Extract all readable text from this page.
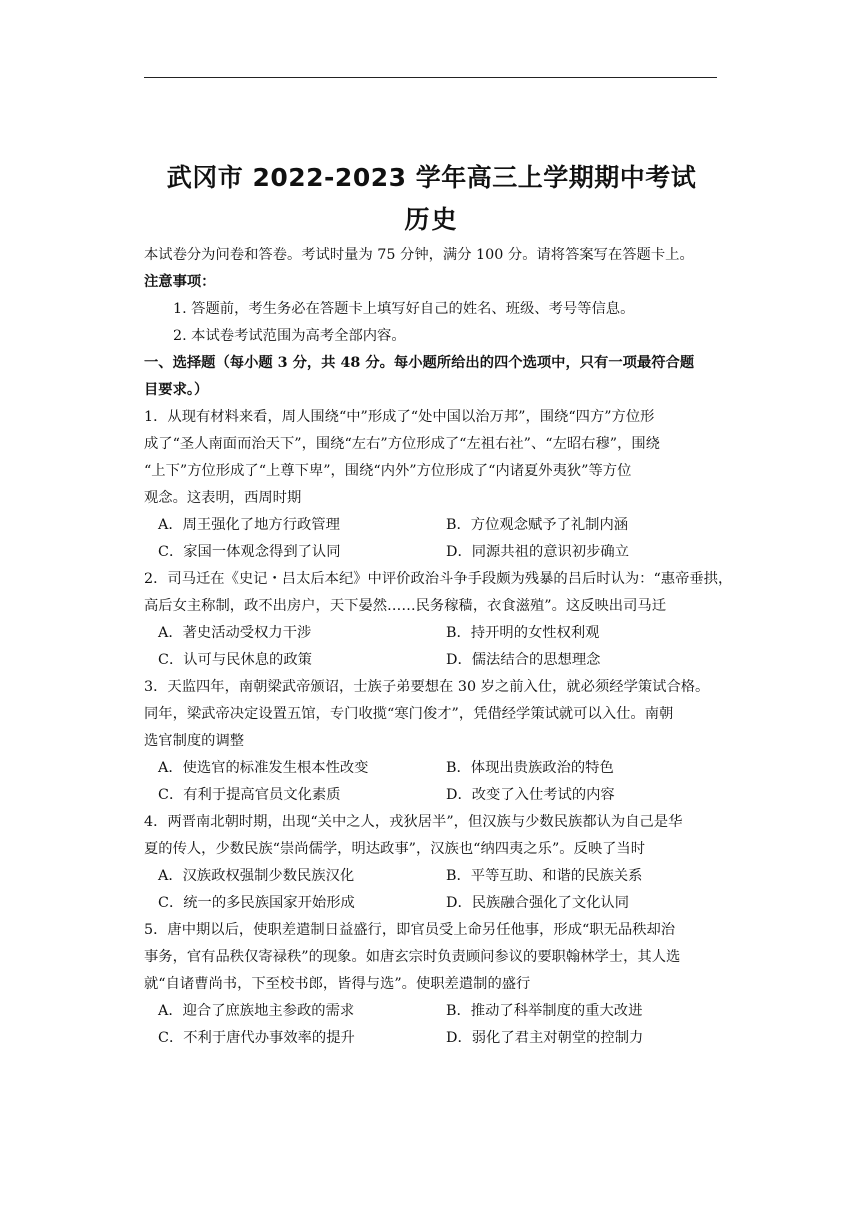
武冈市 2022-2023 学年高三上学期期中考试
历史
本试卷分为问卷和答卷。考试时量为 75 分钟，满分 100 分。请将答案写在答题卡上。
注意事项：
1. 答题前，考生务必在答题卡上填写好自己的姓名、班级、考号等信息。
2. 本试卷考试范围为高考全部内容。
一、选择题（每小题 3 分，共 48 分。每小题所给出的四个选项中，只有一项最符合题
目要求。）
1．从现有材料来看，周人围绕“中”形成了“处中国以治万邦”，围绕“四方”方位形
成了“圣人南面而治天下”，围绕“左右”方位形成了“左祖右社”、“左昭右穆”，围绕
“上下”方位形成了“上尊下卑”，围绕“内外”方位形成了“内诸夏外夷狄”等方位
观念。这表明，西周时期
A．周王强化了地方行政管理	B．方位观念赋予了礼制内涵
C．家国一体观念得到了认同	D．同源共祖的意识初步确立
2．司马迁在《史记・吕太后本纪》中评价政治斗争手段颇为残暴的吕后时认为：“惠帝垂拱，
高后女主称制，政不出房户，天下晏然……民务稼穑，衣食滋殖”。这反映出司马迁
A．著史活动受权力干涉	B．持开明的女性权利观
C．认可与民休息的政策	D．儒法结合的思想理念
3．天监四年，南朝梁武帝颁诏，士族子弟要想在 30 岁之前入仕，就必须经学策试合格。
同年，梁武帝决定设置五馆，专门收揽“寒门俊才”，凭借经学策试就可以入仕。南朝
选官制度的调整
A．使选官的标准发生根本性改变	B．体现出贵族政治的特色
C．有利于提高官员文化素质	D．改变了入仕考试的内容
4．两晋南北朝时期，出现“关中之人，戎狄居半”，但汉族与少数民族都认为自己是华
夏的传人，少数民族“崇尚儒学，明达政事”，汉族也“纳四夷之乐”。反映了当时
A．汉族政权强制少数民族汉化	B．平等互助、和谐的民族关系
C．统一的多民族国家开始形成	D．民族融合强化了文化认同
5．唐中期以后，使职差遣制日益盛行，即官员受上命另任他事，形成“职无品秩却治
事务，官有品秩仅寄禄秩”的现象。如唐玄宗时负责顾问参议的要职翰林学士，其人选
就“自诸曹尚书，下至校书郎，皆得与选”。使职差遣制的盛行
A．迎合了庶族地主参政的需求	B．推动了科举制度的重大改进
C．不利于唐代办事效率的提升	D．弱化了君主对朝堂的控制力
